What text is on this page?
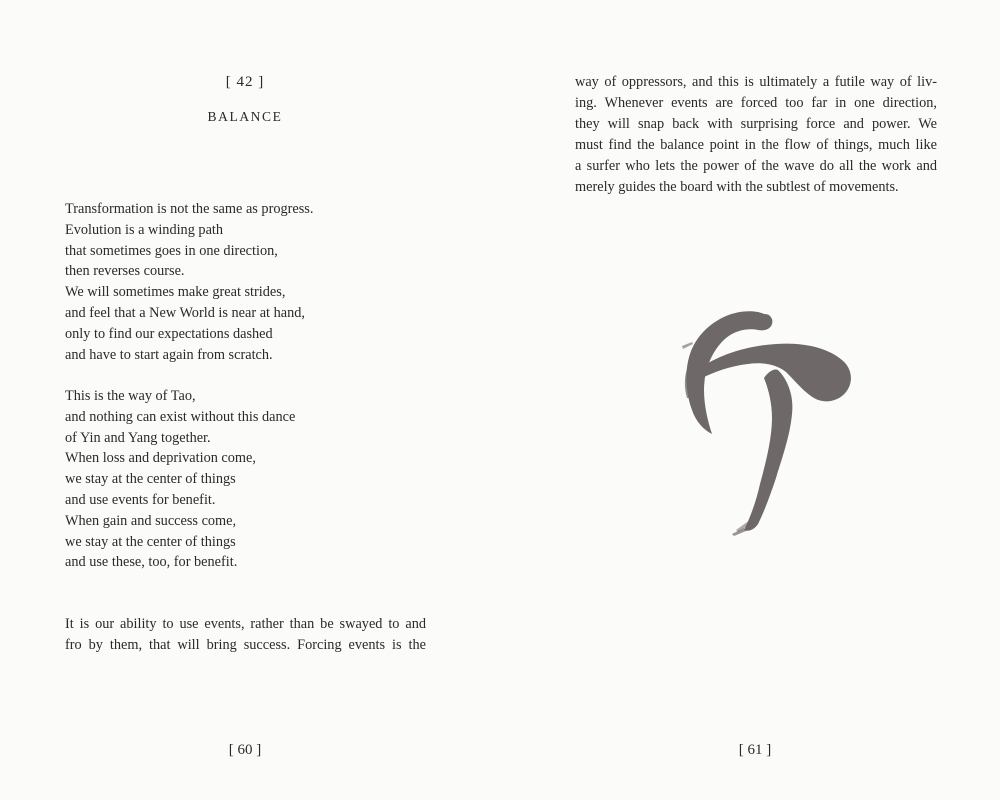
[ 42 ]
BALANCE
Transformation is not the same as progress.
Evolution is a winding path
that sometimes goes in one direction,
then reverses course.
We will sometimes make great strides,
and feel that a New World is near at hand,
only to find our expectations dashed
and have to start again from scratch.
This is the way of Tao,
and nothing can exist without this dance
of Yin and Yang together.
When loss and deprivation come,
we stay at the center of things
and use events for benefit.
When gain and success come,
we stay at the center of things
and use these, too, for benefit.
It is our ability to use events, rather than be swayed to and
fro by them, that will bring success. Forcing events is the
[ 60 ]
way of oppressors, and this is ultimately a futile way of liv-
ing. Whenever events are forced too far in one direction,
they will snap back with surprising force and power. We
must find the balance point in the flow of things, much like
a surfer who lets the power of the wave do all the work and
merely guides the board with the subtlest of movements.
[ 61 ]
